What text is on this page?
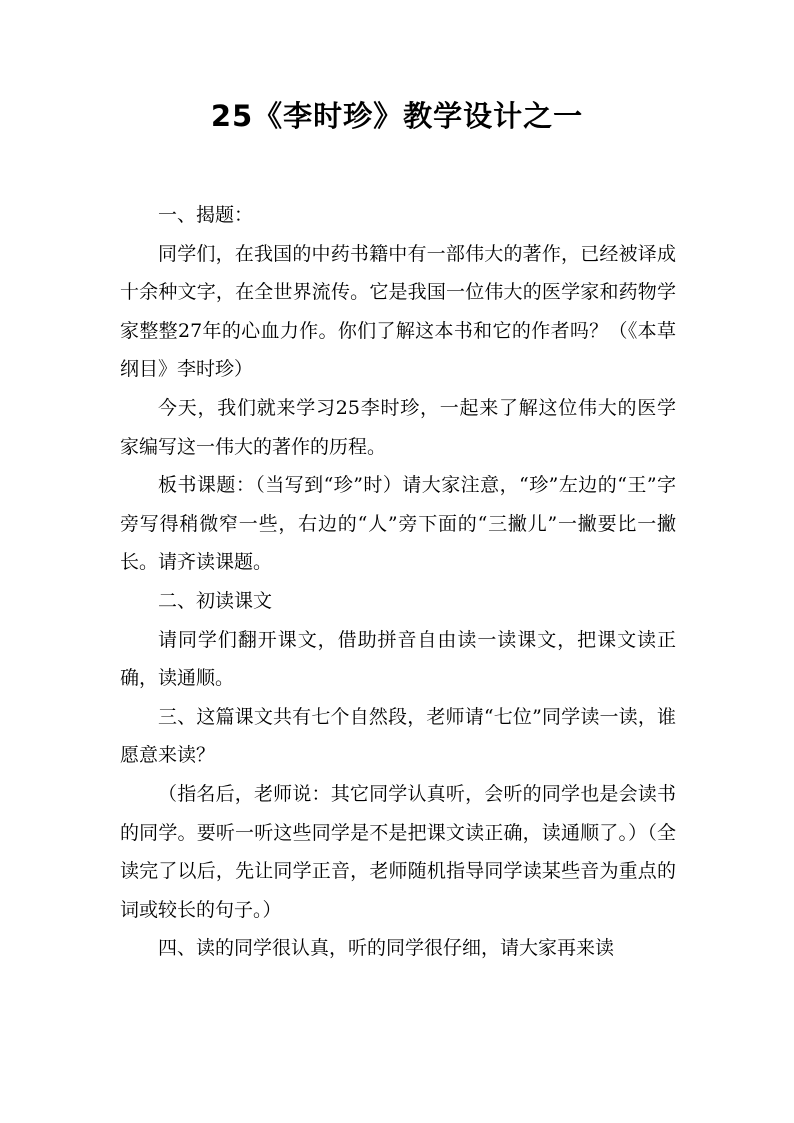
25《李时珍》教学设计之一

一、揭题：

同学们，在我国的中药书籍中有一部伟大的著作，已经被译成十余种文字，在全世界流传。它是我国一位伟大的医学家和药物学家整整27年的心血力作。你们了解这本书和它的作者吗？（《本草纲目》李时珍）

今天，我们就来学习25李时珍，一起来了解这位伟大的医学家编写这一伟大的著作的历程。

板书课题：（当写到“珍”时）请大家注意，“珍”左边的“王”字旁写得稍微窄一些，右边的“人”旁下面的“三撇儿”一撇要比一撇长。请齐读课题。

二、初读课文

请同学们翻开课文，借助拼音自由读一读课文，把课文读正确，读通顺。

三、这篇课文共有七个自然段，老师请“七位”同学读一读，谁愿意来读？

（指名后，老师说：其它同学认真听，会听的同学也是会读书的同学。要听一听这些同学是不是把课文读正确，读通顺了。）（全读完了以后，先让同学正音，老师随机指导同学读某些音为重点的词或较长的句子。）

四、读的同学很认真，听的同学很仔细，请大家再来读
